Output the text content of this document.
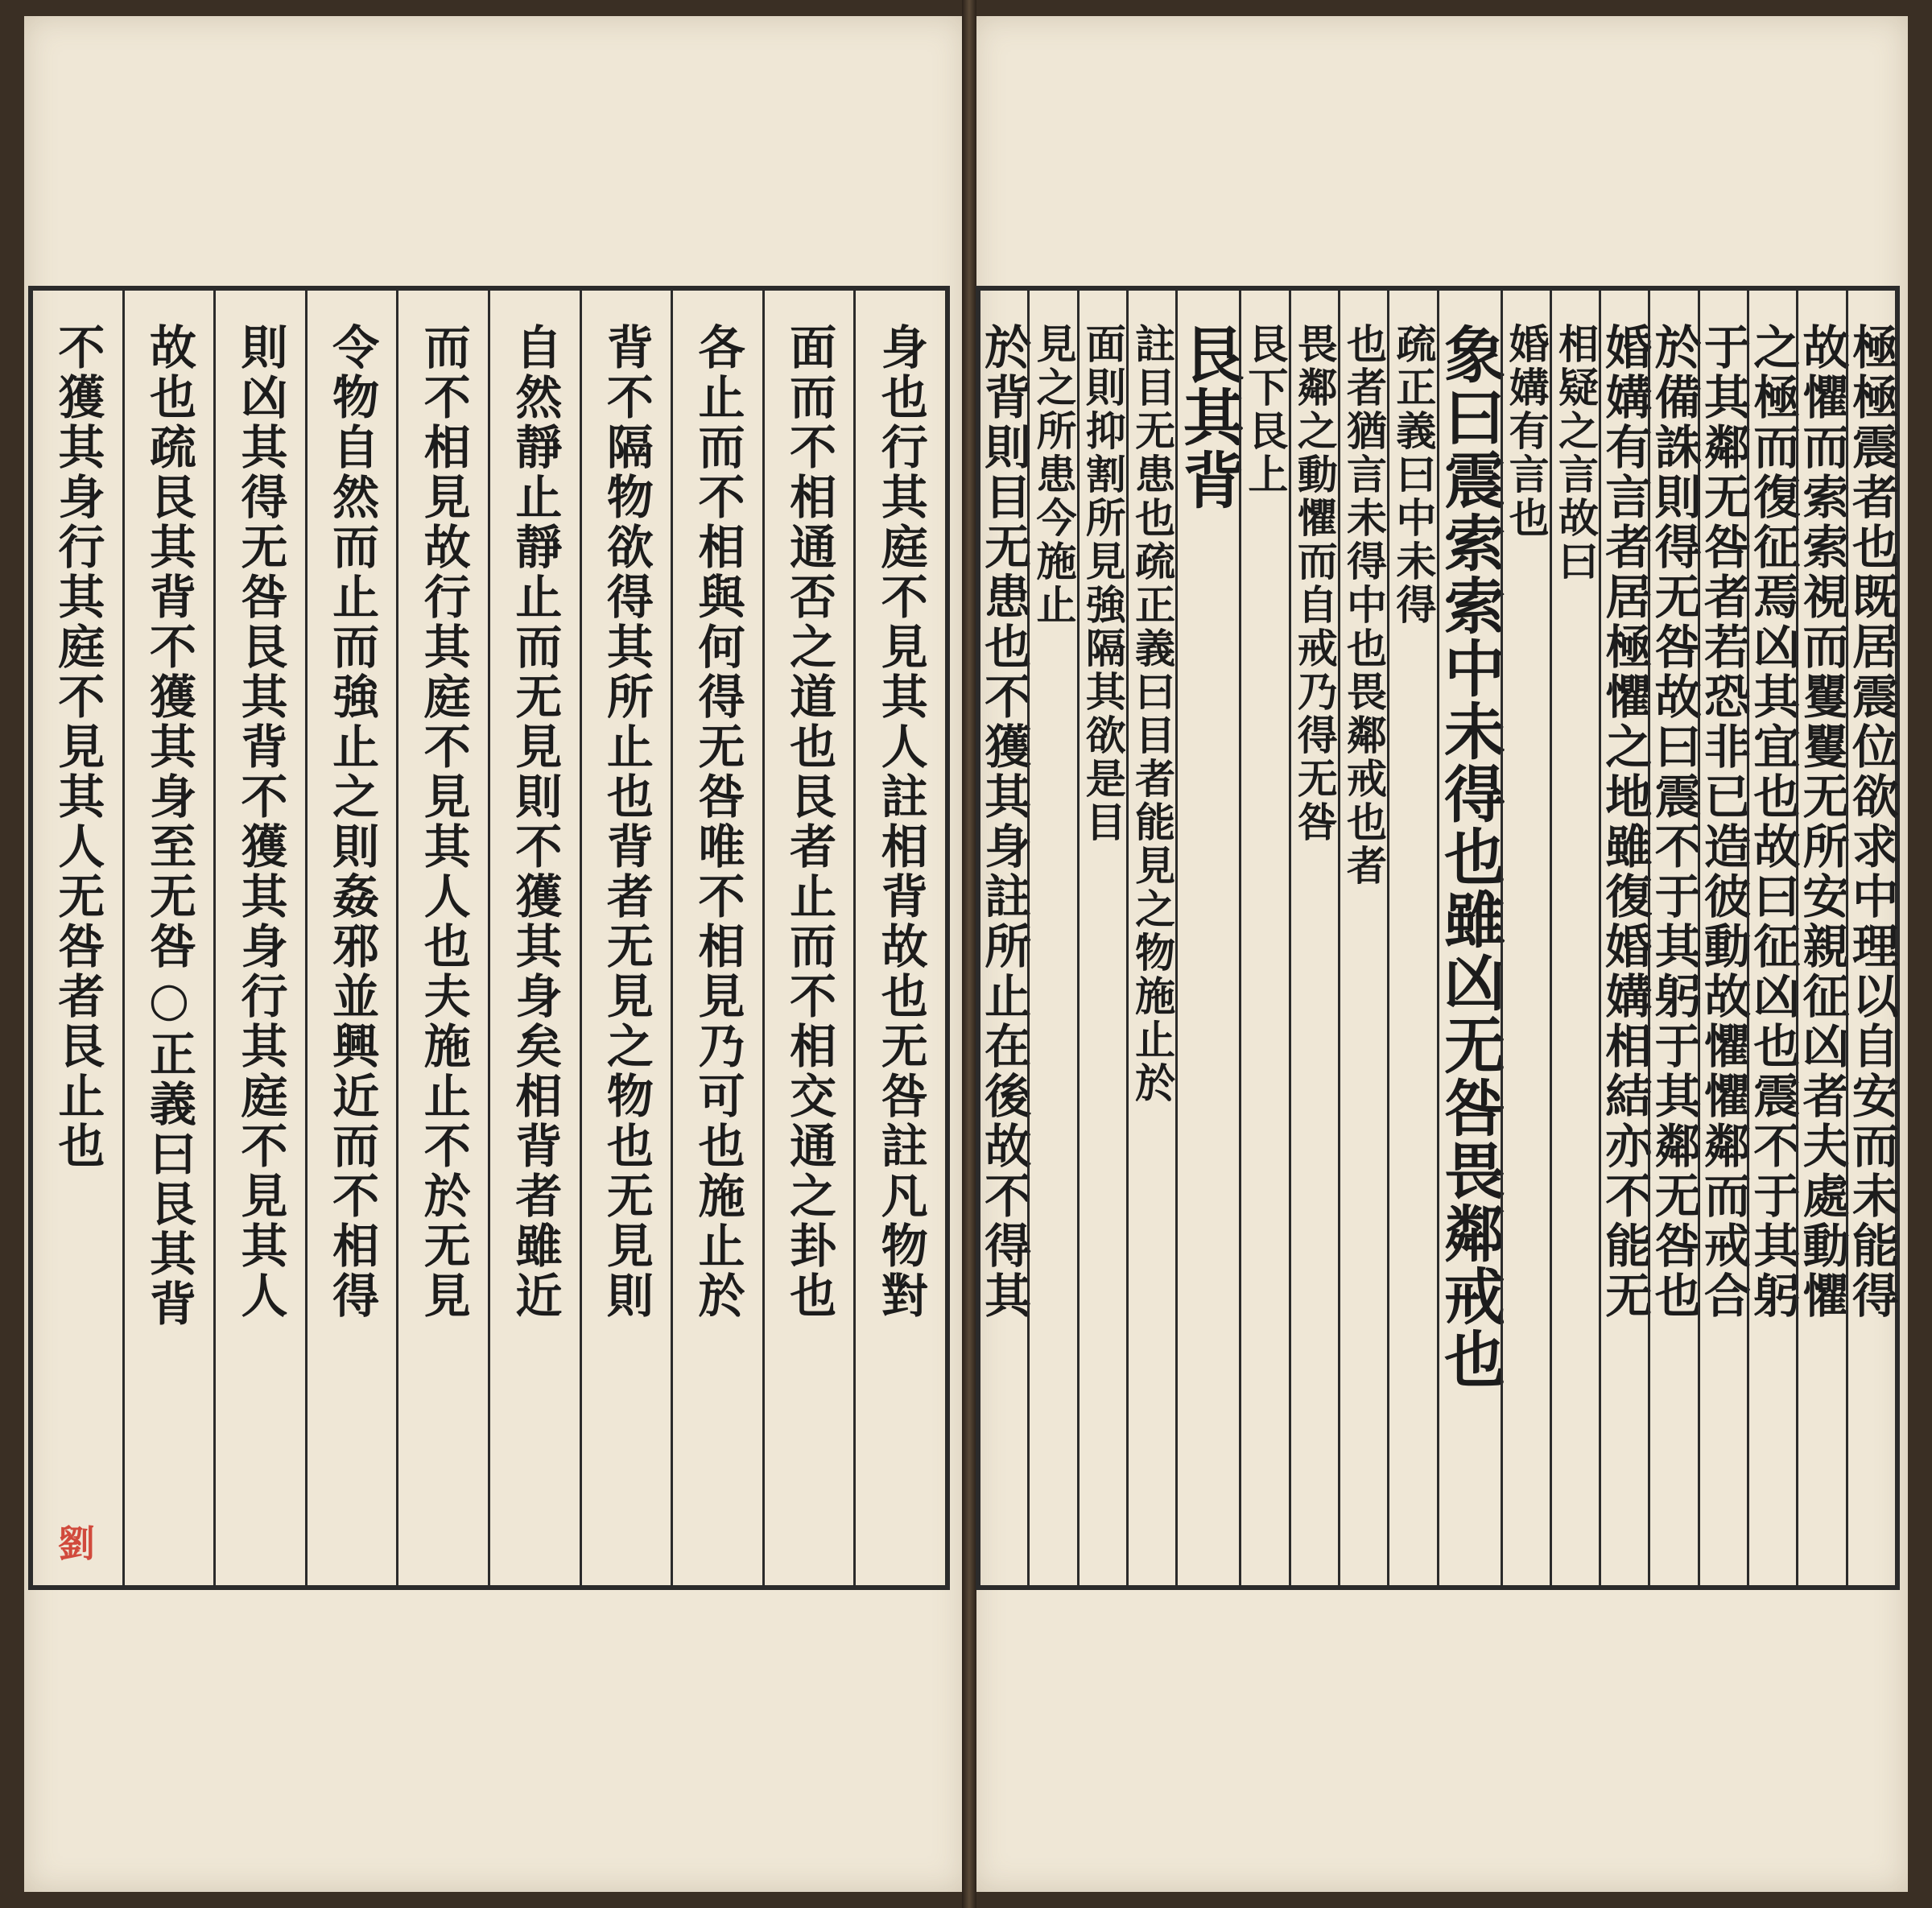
極極震者也既居震位欲求中理以自安而未能得
故懼而索索視而矍矍无所安親征凶者夫處動懼
之極而復征焉凶其宜也故曰征凶也震不于其躬
于其鄰无咎者若恐非已造彼動故懼懼鄰而戒合
於備誅則得无咎故曰震不于其躬于其鄰无咎也
婚媾有言者居極懼之地雖復婚媾相結亦不能无
相疑之言故曰
婚媾有言也
象曰震索索中未得也雖凶无咎畏鄰戒也
疏正義曰中未得
也者猶言未得中也畏鄰戒也者
畏鄰之動懼而自戒乃得无咎
艮下艮上
艮其背
註目无患也疏正義曰目者能見之物施止於
面則抑割所見強隔其欲是目
見之所患今施止
於背則目无患也不獲其身註所止在後故不得其
身也行其庭不見其人註相背故也无咎註凡物對
面而不相通否之道也艮者止而不相交通之卦也
各止而不相與何得无咎唯不相見乃可也施止於
背不隔物欲得其所止也背者无見之物也无見則
自然靜止靜止而无見則不獲其身矣相背者雖近
而不相見故行其庭不見其人也夫施止不於无見
令物自然而止而強止之則姦邪並興近而不相得
則凶其得无咎艮其背不獲其身行其庭不見其人
故也疏艮其背不獲其身至无咎○正義曰艮其背
不獲其身行其庭不見其人无咎者艮止也
劉
